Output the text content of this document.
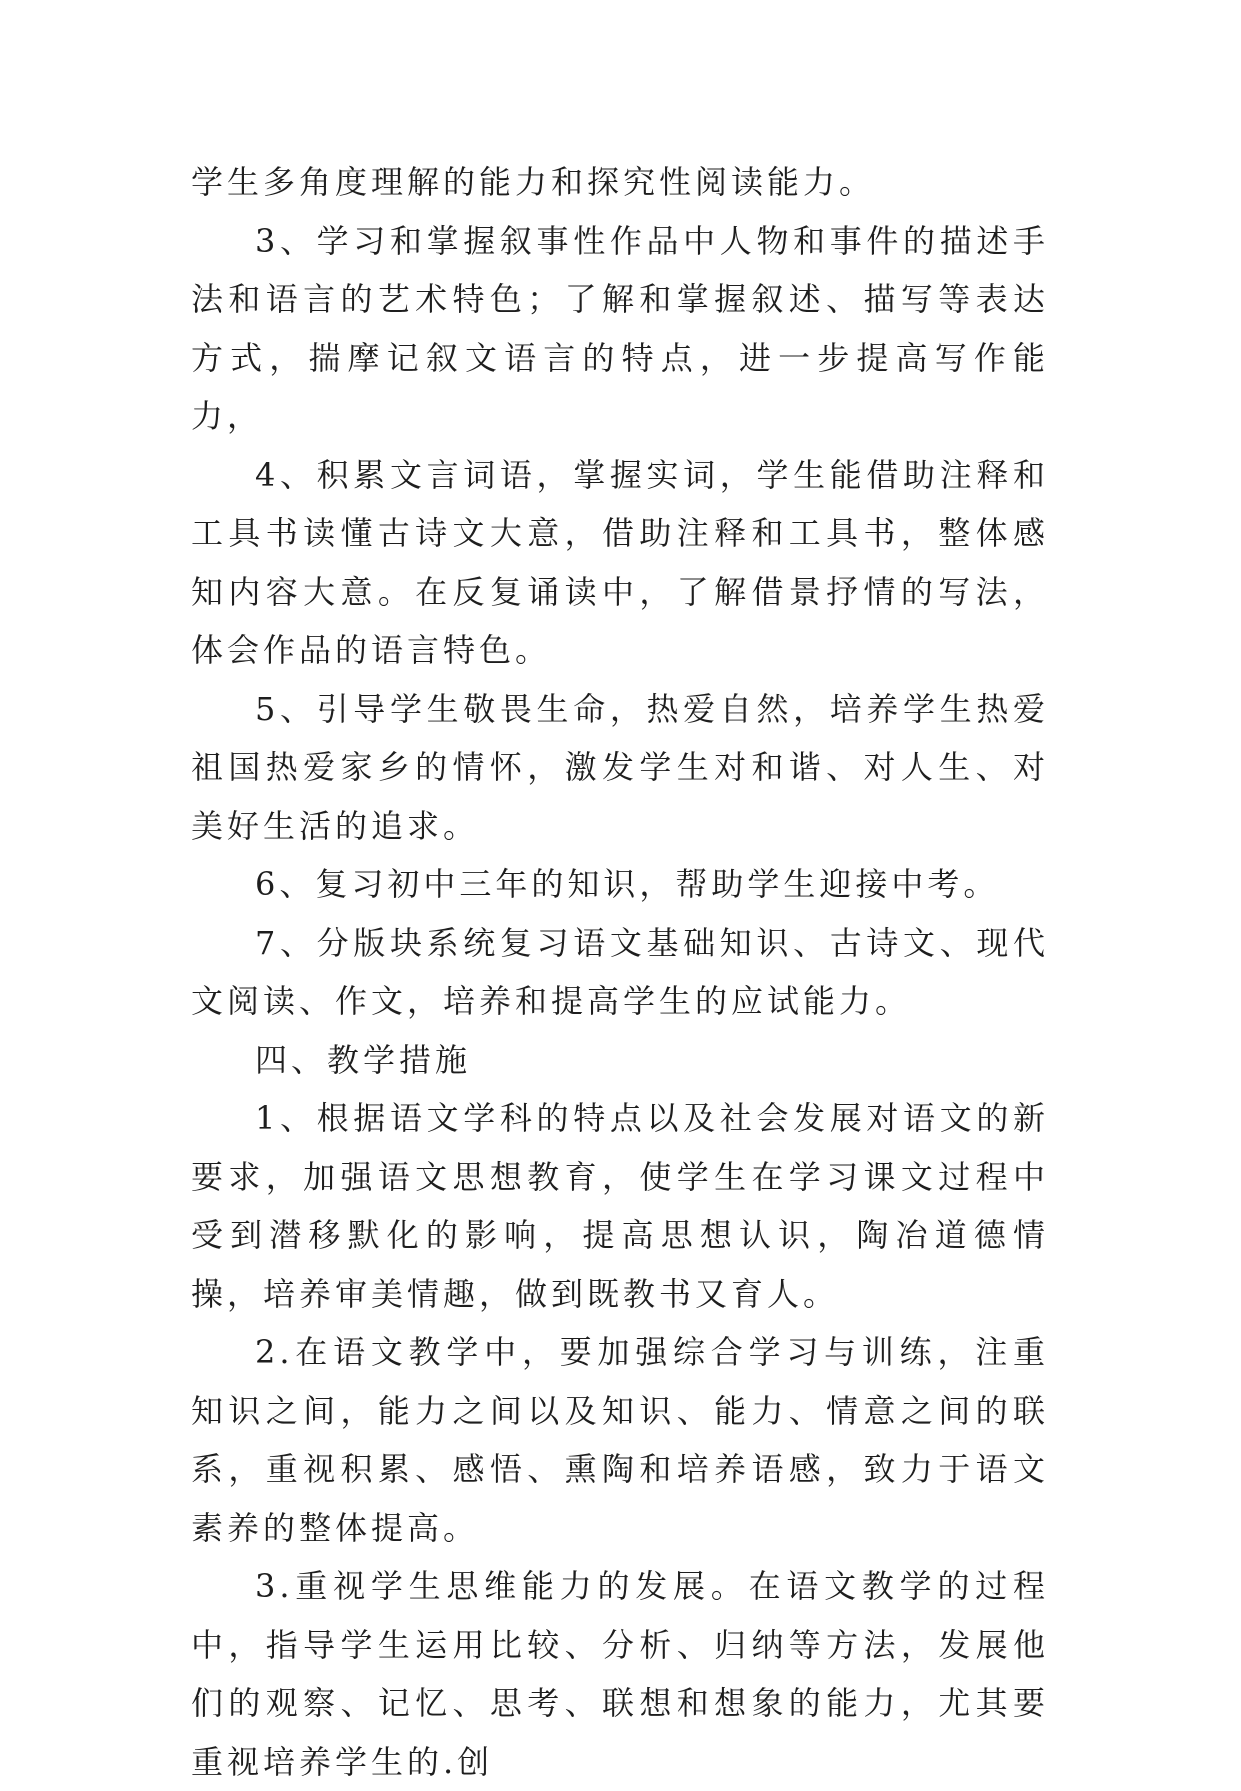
学生多角度理解的能力和探究性阅读能力。

3、学习和掌握叙事性作品中人物和事件的描述手法和语言的艺术特色；了解和掌握叙述、描写等表达方式，揣摩记叙文语言的特点，进一步提高写作能力，

4、积累文言词语，掌握实词，学生能借助注释和工具书读懂古诗文大意，借助注释和工具书，整体感知内容大意。在反复诵读中，了解借景抒情的写法，体会作品的语言特色。

5、引导学生敬畏生命，热爱自然，培养学生热爱祖国热爱家乡的情怀，激发学生对和谐、对人生、对美好生活的追求。

6、复习初中三年的知识，帮助学生迎接中考。

7、分版块系统复习语文基础知识、古诗文、现代文阅读、作文，培养和提高学生的应试能力。

四、教学措施

1、根据语文学科的特点以及社会发展对语文的新要求，加强语文思想教育，使学生在学习课文过程中受到潜移默化的影响，提高思想认识，陶冶道德情操，培养审美情趣，做到既教书又育人。

2.在语文教学中，要加强综合学习与训练，注重知识之间，能力之间以及知识、能力、情意之间的联系，重视积累、感悟、熏陶和培养语感，致力于语文素养的整体提高。

3.重视学生思维能力的发展。在语文教学的过程中，指导学生运用比较、分析、归纳等方法，发展他们的观察、记忆、思考、联想和想象的能力，尤其要重视培养学生的.创
